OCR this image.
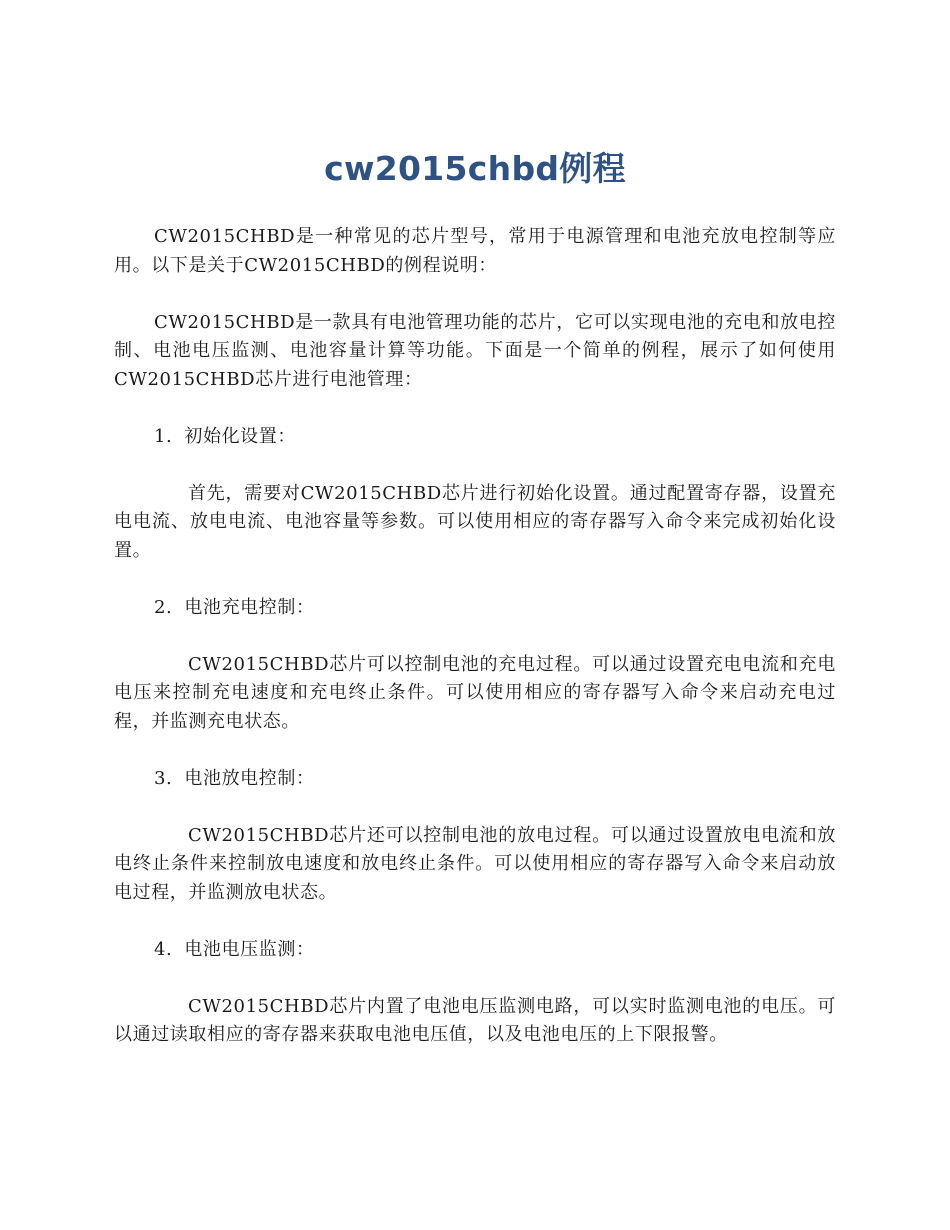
cw2015chbd例程

CW2015CHBD是一种常见的芯片型号，常用于电源管理和电池充放电控制等应用。以下是关于CW2015CHBD的例程说明：

CW2015CHBD是一款具有电池管理功能的芯片，它可以实现电池的充电和放电控制、电池电压监测、电池容量计算等功能。下面是一个简单的例程，展示了如何使用CW2015CHBD芯片进行电池管理：

1. 初始化设置：

首先，需要对CW2015CHBD芯片进行初始化设置。通过配置寄存器，设置充电电流、放电电流、电池容量等参数。可以使用相应的寄存器写入命令来完成初始化设置。

2. 电池充电控制：

CW2015CHBD芯片可以控制电池的充电过程。可以通过设置充电电流和充电电压来控制充电速度和充电终止条件。可以使用相应的寄存器写入命令来启动充电过程，并监测充电状态。

3. 电池放电控制：

CW2015CHBD芯片还可以控制电池的放电过程。可以通过设置放电电流和放电终止条件来控制放电速度和放电终止条件。可以使用相应的寄存器写入命令来启动放电过程，并监测放电状态。

4. 电池电压监测：

CW2015CHBD芯片内置了电池电压监测电路，可以实时监测电池的电压。可以通过读取相应的寄存器来获取电池电压值，以及电池电压的上下限报警。
